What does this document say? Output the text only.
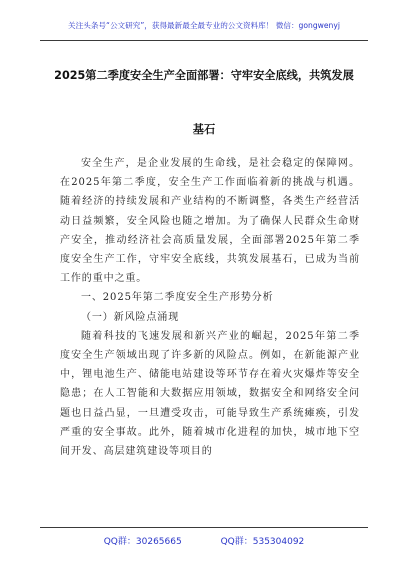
关注头条号“公文研究”，获得最新最全最专业的公文资料库！ 微信：gongwenyj
2025第二季度安全生产全面部署：守牢安全底线，共筑发展
基石

安全生产，是企业发展的生命线，是社会稳定的保障网。在2025年第二季度，安全生产工作面临着新的挑战与机遇。随着经济的持续发展和产业结构的不断调整，各类生产经营活动日益频繁，安全风险也随之增加。为了确保人民群众生命财产安全，推动经济社会高质量发展，全面部署2025年第二季度安全生产工作，守牢安全底线，共筑发展基石，已成为当前工作的重中之重。

一、2025年第二季度安全生产形势分析

（一）新风险点涌现

随着科技的飞速发展和新兴产业的崛起，2025年第二季度安全生产领域出现了许多新的风险点。例如，在新能源产业中，锂电池生产、储能电站建设等环节存在着火灾爆炸等安全隐患；在人工智能和大数据应用领域，数据安全和网络安全问题也日益凸显，一旦遭受攻击，可能导致生产系统瘫痪，引发严重的安全事故。此外，随着城市化进程的加快，城市地下空间开发、高层建筑建设等项目的

QQ群：30265665	QQ群：535304092
